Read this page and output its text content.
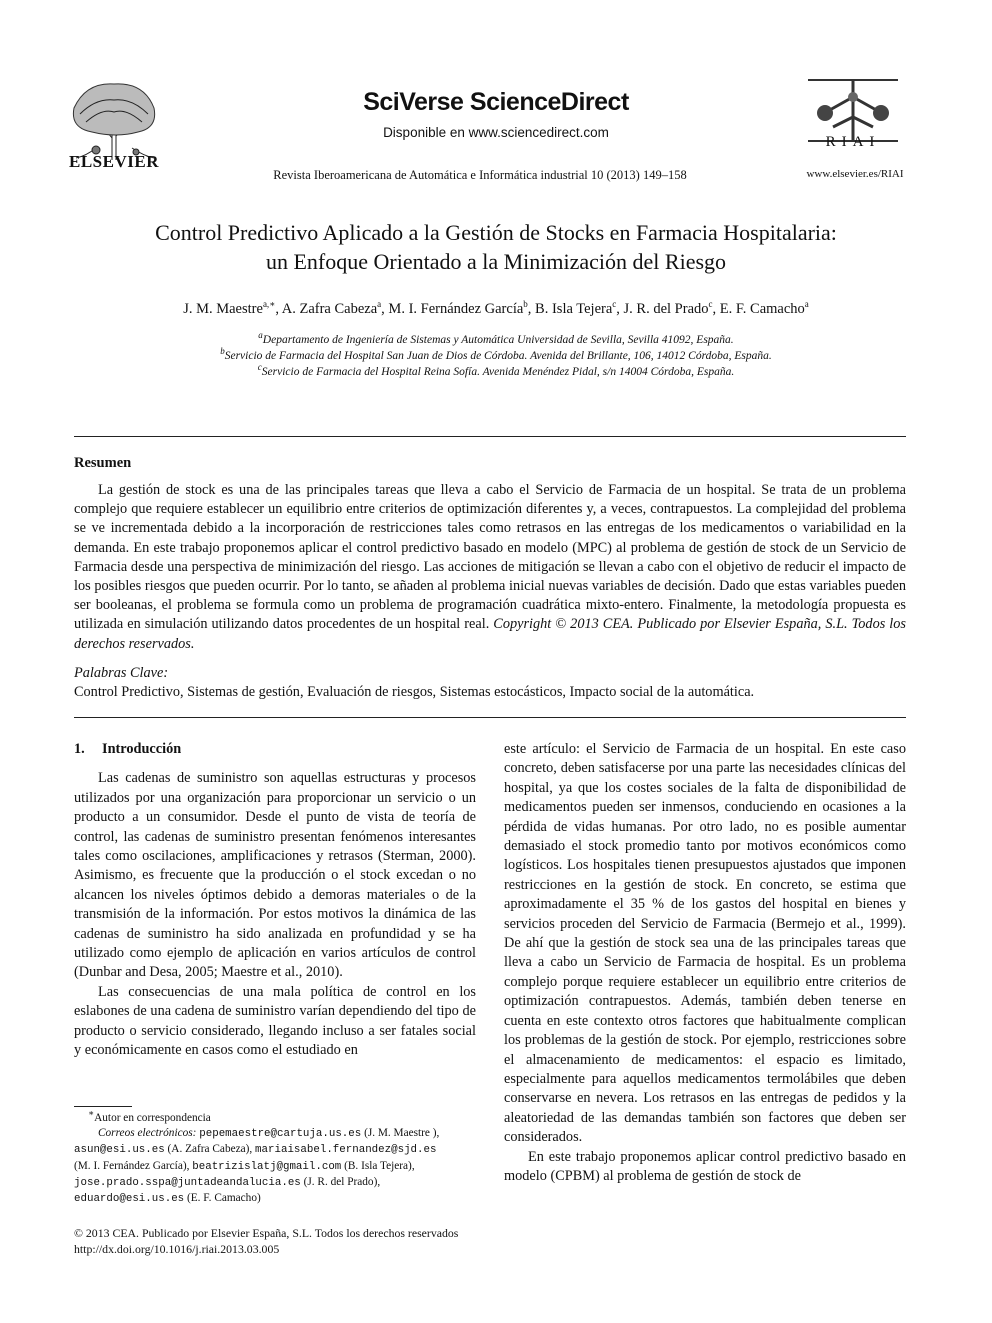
ELSEVIER
SciVerse ScienceDirect
Disponible en www.sciencedirect.com
Revista Iberoamericana de Automática e Informática industrial 10 (2013) 149–158
RIAI
www.elsevier.es/RIAI
Control Predictivo Aplicado a la Gestión de Stocks en Farmacia Hospitalaria:
un Enfoque Orientado a la Minimización del Riesgo
J. M. Maestre$^{a,∗}$, A. Zafra Cabeza$^a$, M. I. Fernández García$^b$, B. Isla Tejera$^c$, J. R. del Prado$^c$, E. F. Camacho$^a$
$^a$Departamento de Ingeniería de Sistemas y Automática Universidad de Sevilla, Sevilla 41092, España.
$^b$Servicio de Farmacia del Hospital San Juan de Dios de Córdoba. Avenida del Brillante, 106, 14012 Córdoba, España.
$^c$Servicio de Farmacia del Hospital Reina Sofía. Avenida Menéndez Pidal, s/n 14004 Córdoba, España.
Resumen
La gestión de stock es una de las principales tareas que lleva a cabo el Servicio de Farmacia de un hospital. Se trata de un problema complejo que requiere establecer un equilibrio entre criterios de optimización diferentes y, a veces, contrapuestos. La complejidad del problema se ve incrementada debido a la incorporación de restricciones tales como retrasos en las entregas de los medicamentos o variabilidad en la demanda. En este trabajo proponemos aplicar el control predictivo basado en modelo (MPC) al problema de gestión de stock de un Servicio de Farmacia desde una perspectiva de minimización del riesgo. Las acciones de mitigación se llevan a cabo con el objetivo de reducir el impacto de los posibles riesgos que pueden ocurrir. Por lo tanto, se añaden al problema inicial nuevas variables de decisión. Dado que estas variables pueden ser booleanas, el problema se formula como un problema de programación cuadrática mixto-entero. Finalmente, la metodología propuesta es utilizada en simulación utilizando datos procedentes de un hospital real. Copyright © 2013 CEA. Publicado por Elsevier España, S.L. Todos los derechos reservados.
Palabras Clave:
Control Predictivo, Sistemas de gestión, Evaluación de riesgos, Sistemas estocásticos, Impacto social de la automática.
1. Introducción

Las cadenas de suministro son aquellas estructuras y procesos utilizados por una organización para proporcionar un servicio o un producto a un consumidor. Desde el punto de vista de teoría de control, las cadenas de suministro presentan fenómenos interesantes tales como oscilaciones, amplificaciones y retrasos (Sterman, 2000). Asimismo, es frecuente que la producción o el stock excedan o no alcancen los niveles óptimos debido a demoras materiales o de la transmisión de la información. Por estos motivos la dinámica de las cadenas de suministro ha sido analizada en profundidad y se ha utilizado como ejemplo de aplicación en varios artículos de control (Dunbar and Desa, 2005; Maestre et al., 2010).

Las consecuencias de una mala política de control en los eslabones de una cadena de suministro varían dependiendo del tipo de producto o servicio considerado, llegando incluso a ser fatales social y económicamente en casos como el estudiado en

este artículo: el Servicio de Farmacia de un hospital. En este caso concreto, deben satisfacerse por una parte las necesidades clínicas del hospital, ya que los costes sociales de la falta de disponibilidad de medicamentos pueden ser inmensos, conduciendo en ocasiones a la pérdida de vidas humanas. Por otro lado, no es posible aumentar demasiado el stock promedio tanto por motivos económicos como logísticos. Los hospitales tienen presupuestos ajustados que imponen restricciones en la gestión de stock. En concreto, se estima que aproximadamente el 35 % de los gastos del hospital en bienes y servicios proceden del Servicio de Farmacia (Bermejo et al., 1999). De ahí que la gestión de stock sea una de las principales tareas que lleva a cabo un Servicio de Farmacia de hospital. Es un problema complejo porque requiere establecer un equilibrio entre criterios de optimización contrapuestos. Además, también deben tenerse en cuenta en este contexto otros factores que habitualmente complican los problemas de la gestión de stock. Por ejemplo, restricciones sobre el almacenamiento de medicamentos: el espacio es limitado, especialmente para aquellos medicamentos termolábiles que deben conservarse en nevera. Los retrasos en las entregas de pedidos y la aleatoriedad de las demandas también son factores que deben ser considerados.

En este trabajo proponemos aplicar control predictivo basado en modelo (CPBM) al problema de gestión de stock de

∗Autor en correspondencia
Correos electrónicos: pepemaestre@cartuja.us.es (J. M. Maestre ),
asun@esi.us.es (A. Zafra Cabeza), mariaisabel.fernandez@sjd.es
(M. I. Fernández García), beatrizislatj@gmail.com (B. Isla Tejera),
jose.prado.sspa@juntadeandalucia.es (J. R. del Prado),
eduardo@esi.us.es (E. F. Camacho)
© 2013 CEA. Publicado por Elsevier España, S.L. Todos los derechos reservados
http://dx.doi.org/10.1016/j.riai.2013.03.005
